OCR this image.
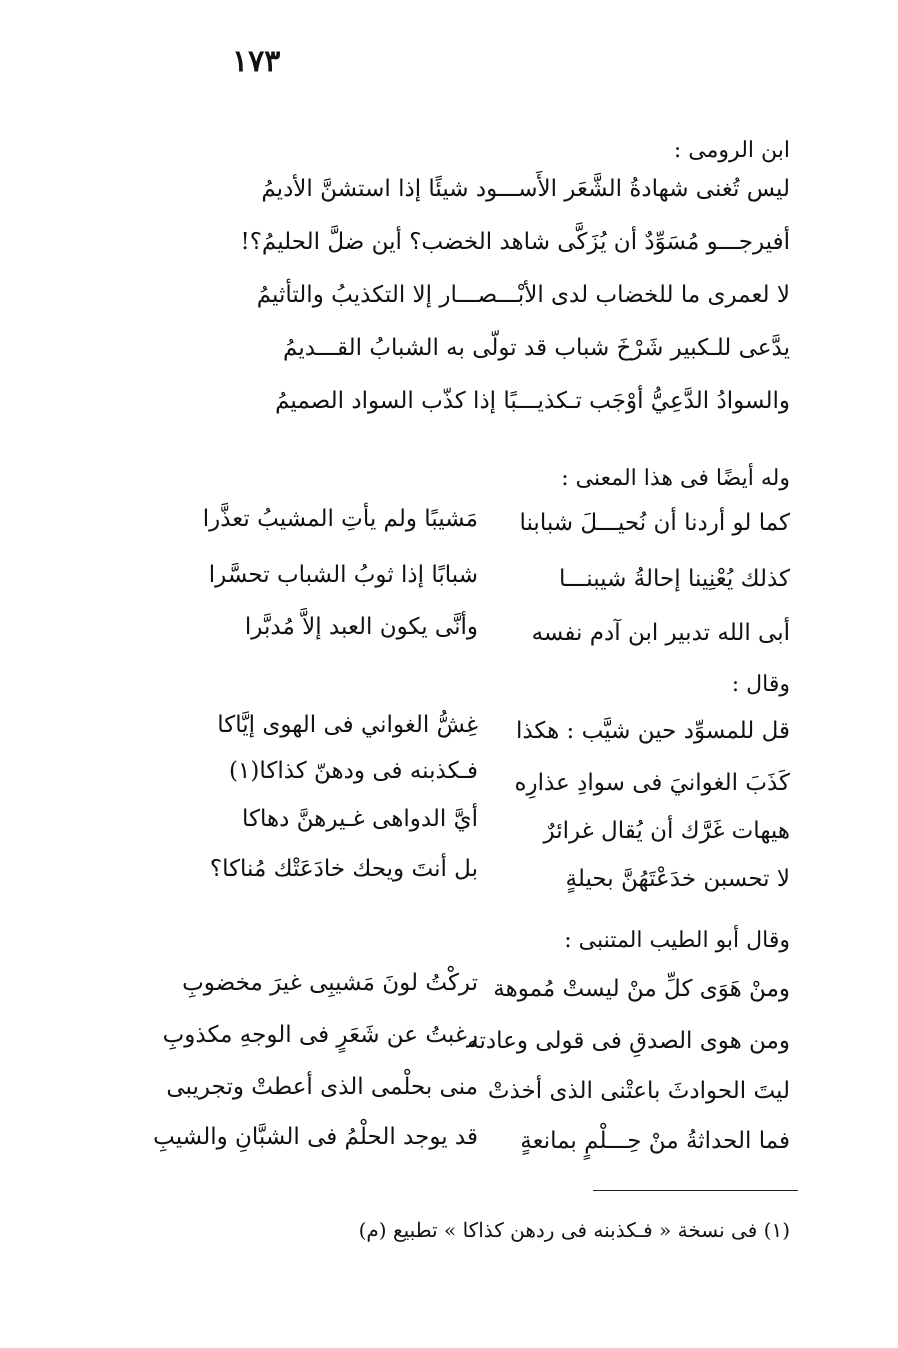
١٧٣
ابن الرومى :
ليس تُغنى شهادةُ الشَّعَر الأَســـود شيئًا إذا استشنَّ الأديمُ
أفيرجـــو مُسَوِّدٌ أن يُزَكَّى شاهد الخضب؟ أين ضلَّ الحليمُ؟!
لا لعمرى ما للخضاب لدى الأبْـــصـــار إلا التكذيبُ والتأثيمُ
يدَّعى للـكبير شَرْخَ شباب قد تولّى به الشبابُ القـــديمُ
والسوادُ الدَّعِيُّ أوْجَب تـكذيـــبًا إذا كذّب السواد الصميمُ
وله أيضًا فى هذا المعنى :
كما لو أردنا أن نُحيـــلَ شبابنا
مَشيبًا ولم يأتِ المشيبُ تعذَّرا
كذلك يُعْنِينا إحالةُ شيبنـــا
شبابًا إذا ثوبُ الشباب تحسَّرا
أبى الله تدبير ابن آدم نفسه
وأنَّى يكون العبد إلاَّ مُدبَّرا
وقال :
قل للمسوِّد حين شيَّب : هكذا
غِشُّ الغواني فى الهوى إيَّاكا
كَذَبَ الغوانيَ فى سوادِ عذارِه
فـكذبنه فى ودهنّ كذاكا(١)
هيهات غَرَّك أن يُقال غرائرٌ
أيَّ الدواهى غـيرهنَّ دهاكا
لا تحسبن خدَعْتَهُنَّ بحيلةٍ
بل أنتَ ويحك خادَعَتْك مُناكا؟
وقال أبو الطيب المتنبى :
ومنْ هَوَى كلِّ منْ ليستْ مُموهة
تركْتُ لونَ مَشيبِى غيرَ مخضوبِ
ومن هوى الصدقِ فى قولى وعادته
رغبتُ عن شَعَرٍ فى الوجهِ مكذوبِ
ليتَ الحوادثَ باعتْنى الذى أخذتْ
منى بحلْمى الذى أعطتْ وتجريبى
فما الحداثةُ منْ حِـــلْمٍ بمانعةٍ
قد يوجد الحلْمُ فى الشبَّانِ والشيبِ
(١) فى نسخة « فـكذبنه فى ردهن كذاكا » تطبيع (م)
